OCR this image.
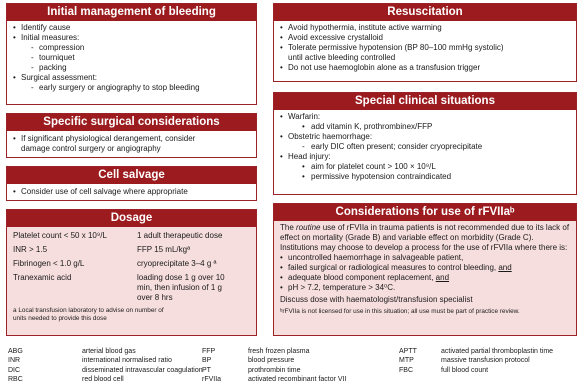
Initial management of bleeding
• Identify cause
• Initial measures:
- compression
- tourniquet
- packing
• Surgical assessment:
- early surgery or angiography to stop bleeding
Resuscitation
• Avoid hypothermia, institute active warming
• Avoid excessive crystalloid
• Tolerate permissive hypotension (BP 80–100 mmHg systolic)
until active bleeding controlled
• Do not use haemoglobin alone as a transfusion trigger
Specific surgical considerations
• If significant physiological derangement, consider
damage control surgery or angiography
Special clinical situations
• Warfarin:
• add vitamin K, prothrombinex/FFP
• Obstetric haemorrhage:
- early DIC often present; consider cryoprecipitate
• Head injury:
• aim for platelet count > 100 × 10⁹/L
• permissive hypotension contraindicated
Cell salvage
• Consider use of cell salvage where appropriate
Dosage
Platelet count < 50 x 10⁹/L	1 adult therapeutic dose
INR > 1.5	FFP 15 mL/kgª
Fibrinogen < 1.0 g/L	cryoprecipitate 3–4 g ª
Tranexamic acid	loading dose 1 g over 10 min, then infusion of 1 g over 8 hrs
a Local transfusion laboratory to advise on number of units needed to provide this dose
Considerations for use of rFVIIaᵇ
The routine use of rFVIIa in trauma patients is not recommended due to its lack of effect on mortality (Grade B) and variable effect on morbidity (Grade C). Institutions may choose to develop a process for the use of rFVIIa where there is:
• uncontrolled haemorrhage in salvageable patient,
• failed surgical or radiological measures to control bleeding, and
• adequate blood component replacement, and
• pH > 7.2, temperature > 34⁰C.
Discuss dose with haematologist/transfusion specialist
ᵇrFVIIa is not licensed for use in this situation; all use must be part of practice review.
ABG	arterial blood gas
INR	international normalised ratio
DIC	disseminated intravascular coagulation
RBC	red blood cell
FFP	fresh frozen plasma
BP	blood pressure
PT	prothrombin time
rFVIIa	activated recombinant factor VII
APTT	activated partial thromboplastin time
MTP	massive transfusion protocol
FBC	full blood count
